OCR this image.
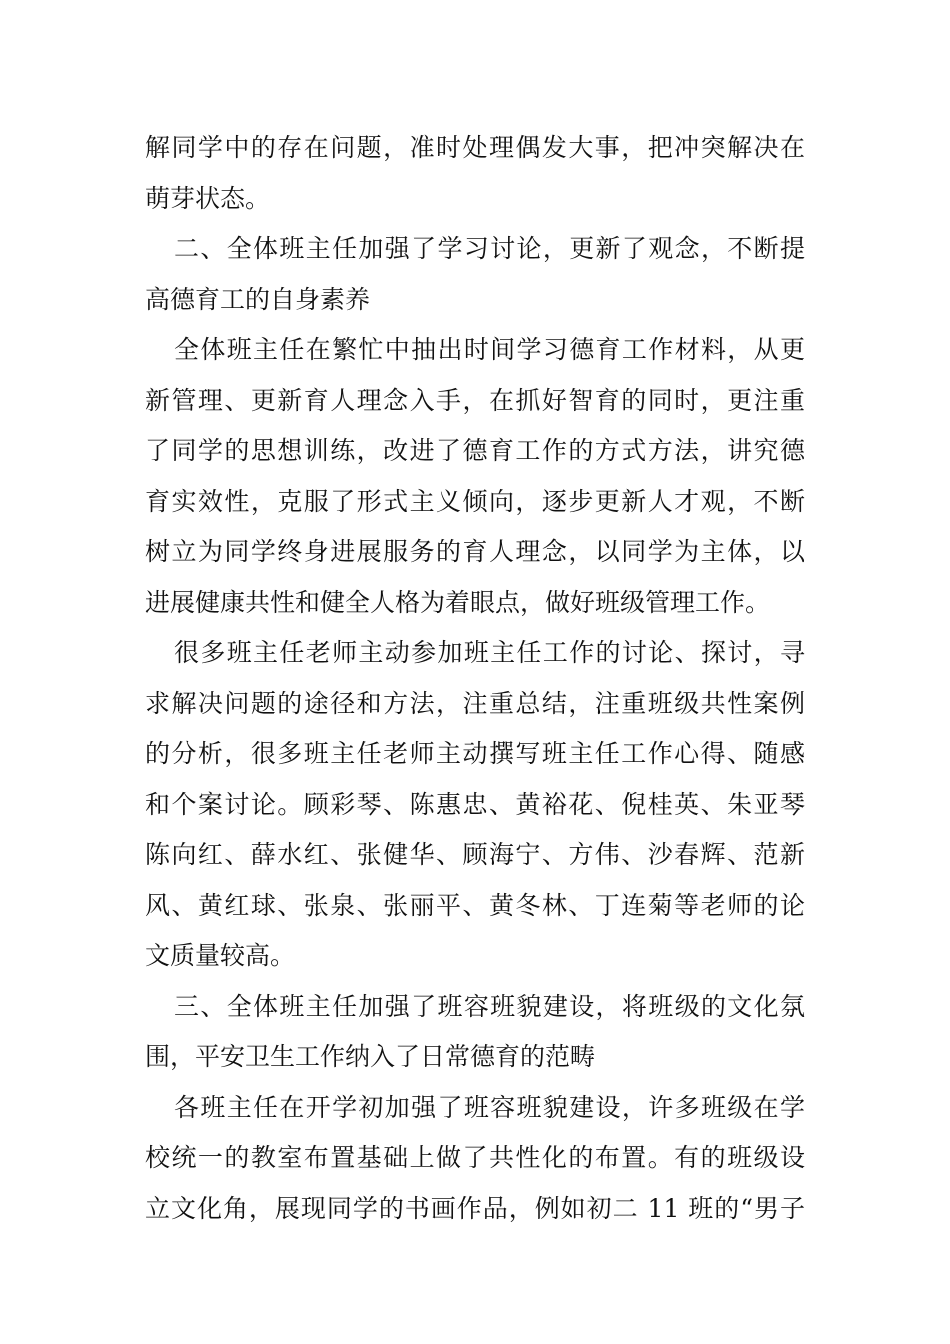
解同学中的存在问题，准时处理偶发大事，把冲突解决在
萌芽状态。
二、全体班主任加强了学习讨论，更新了观念，不断提
高德育工的自身素养
全体班主任在繁忙中抽出时间学习德育工作材料，从更
新管理、更新育人理念入手，在抓好智育的同时，更注重
了同学的思想训练，改进了德育工作的方式方法，讲究德
育实效性，克服了形式主义倾向，逐步更新人才观，不断
树立为同学终身进展服务的育人理念，以同学为主体，以
进展健康共性和健全人格为着眼点，做好班级管理工作。
很多班主任老师主动参加班主任工作的讨论、探讨，寻
求解决问题的途径和方法，注重总结，注重班级共性案例
的分析，很多班主任老师主动撰写班主任工作心得、随感
和个案讨论。顾彩琴、陈惠忠、黄裕花、倪桂英、朱亚琴
陈向红、薛水红、张健华、顾海宁、方伟、沙春辉、范新
风、黄红球、张泉、张丽平、黄冬林、丁连菊等老师的论
文质量较高。
三、全体班主任加强了班容班貌建设，将班级的文化氛
围，平安卫生工作纳入了日常德育的范畴
各班主任在开学初加强了班容班貌建设，许多班级在学
校统一的教室布置基础上做了共性化的布置。有的班级设
立文化角，展现同学的书画作品，例如初二 11 班的“男子
